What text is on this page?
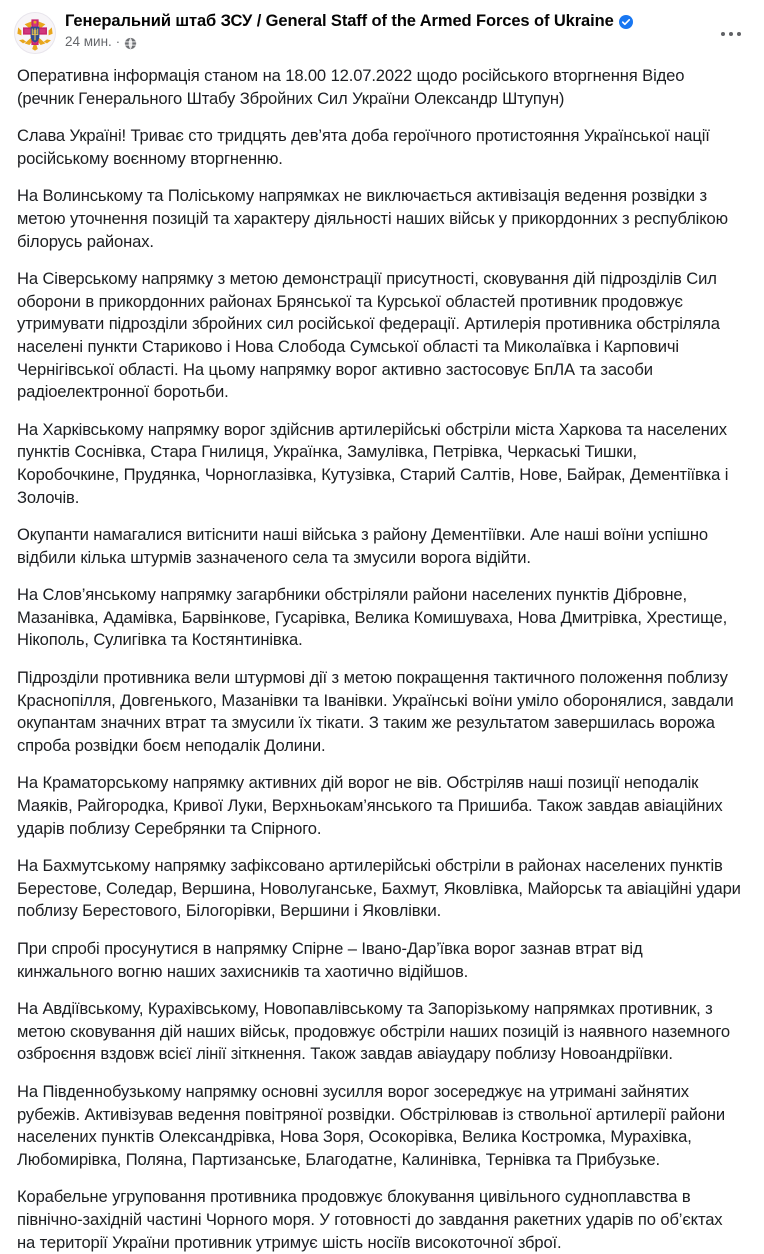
Генеральний штаб ЗСУ / General Staff of the Armed Forces of Ukraine
24 мин. ·

Оперативна інформація станом на 18.00 12.07.2022 щодо російського вторгнення Відео (речник Генерального Штабу Збройних Сил України Олександр Штупун)

Слава Україні! Триває сто тридцять дев’ята доба героїчного протистояння Української нації російському воєнному вторгненню.

На Волинському та Поліському напрямках не виключається активізація ведення розвідки з метою уточнення позицій та характеру діяльності наших військ у прикордонних з республікою білорусь районах.

На Сіверському напрямку з метою демонстрації присутності, сковування дій підрозділів Сил оборони в прикордонних районах Брянської та Курської областей противник продовжує утримувати підрозділи збройних сил російської федерації. Артилерія противника обстріляла населені пункти Стариково і Нова Слобода Сумської області та Миколаївка і Карповичі Чернігівської області. На цьому напрямку ворог активно застосовує БпЛА та засоби радіоелектронної боротьби.

На Харківському напрямку ворог здійснив артилерійські обстріли міста Харкова та населених пунктів Соснівка, Стара Гнилиця, Українка, Замулівка, Петрівка, Черкаські Тишки, Коробочкине, Прудянка, Чорноглазівка, Кутузівка, Старий Салтів, Нове, Байрак, Дементіївка і Золочів.

Окупанти намагалися витіснити наші війська з району Дементіївки. Але наші воїни успішно відбили кілька штурмів зазначеного села та змусили ворога відійти.

На Слов’янському напрямку загарбники обстріляли райони населених пунктів Дібровне, Мазанівка, Адамівка, Барвінкове, Гусарівка, Велика Комишуваха, Нова Дмитрівка, Хрестище, Нікополь, Сулигівка та Костянтинівка.

Підрозділи противника вели штурмові дії з метою покращення тактичного положення поблизу Краснопілля, Довгенького, Мазанівки та Іванівки. Українські воїни уміло оборонялися, завдали окупантам значних втрат та змусили їх тікати. З таким же результатом завершилась ворожа спроба розвідки боєм неподалік Долини.

На Краматорському напрямку активних дій ворог не вів. Обстріляв наші позиції неподалік Маяків, Райгородка, Кривої Луки, Верхньокам’янського та Пришиба. Також завдав авіаційних ударів поблизу Серебрянки та Спірного.

На Бахмутському напрямку зафіксовано артилерійські обстріли в районах населених пунктів Берестове, Соледар, Вершина, Новолуганське, Бахмут, Яковлівка, Майорськ та авіаційні удари поблизу Берестового, Білогорівки, Вершини і Яковлівки.

При спробі просунутися в напрямку Спірне – Івано-Дар’ївка ворог зазнав втрат від кинжального вогню наших захисників та хаотично відійшов.

На Авдіївському, Курахівському, Новопавлівському та Запорізькому напрямках противник, з метою сковування дій наших військ, продовжує обстріли наших позицій із наявного наземного озброєння вздовж всієї лінії зіткнення. Також завдав авіаудару поблизу Новоандріївки.

На Південнобузькому напрямку основні зусилля ворог зосереджує на утримані зайнятих рубежів. Активізував ведення повітряної розвідки. Обстрілював із ствольної артилерії райони населених пунктів Олександрівка, Нова Зоря, Осокорівка, Велика Костромка, Мурахівка, Любомирівка, Поляна, Партизанське, Благодатне, Калинівка, Тернівка та Прибузьке.

Корабельне угруповання противника продовжує блокування цивільного судноплавства в північно-західній частині Чорного моря. У готовності до завдання ракетних ударів по об’єктах на території України противник утримує шість носіїв високоточної зброї.
